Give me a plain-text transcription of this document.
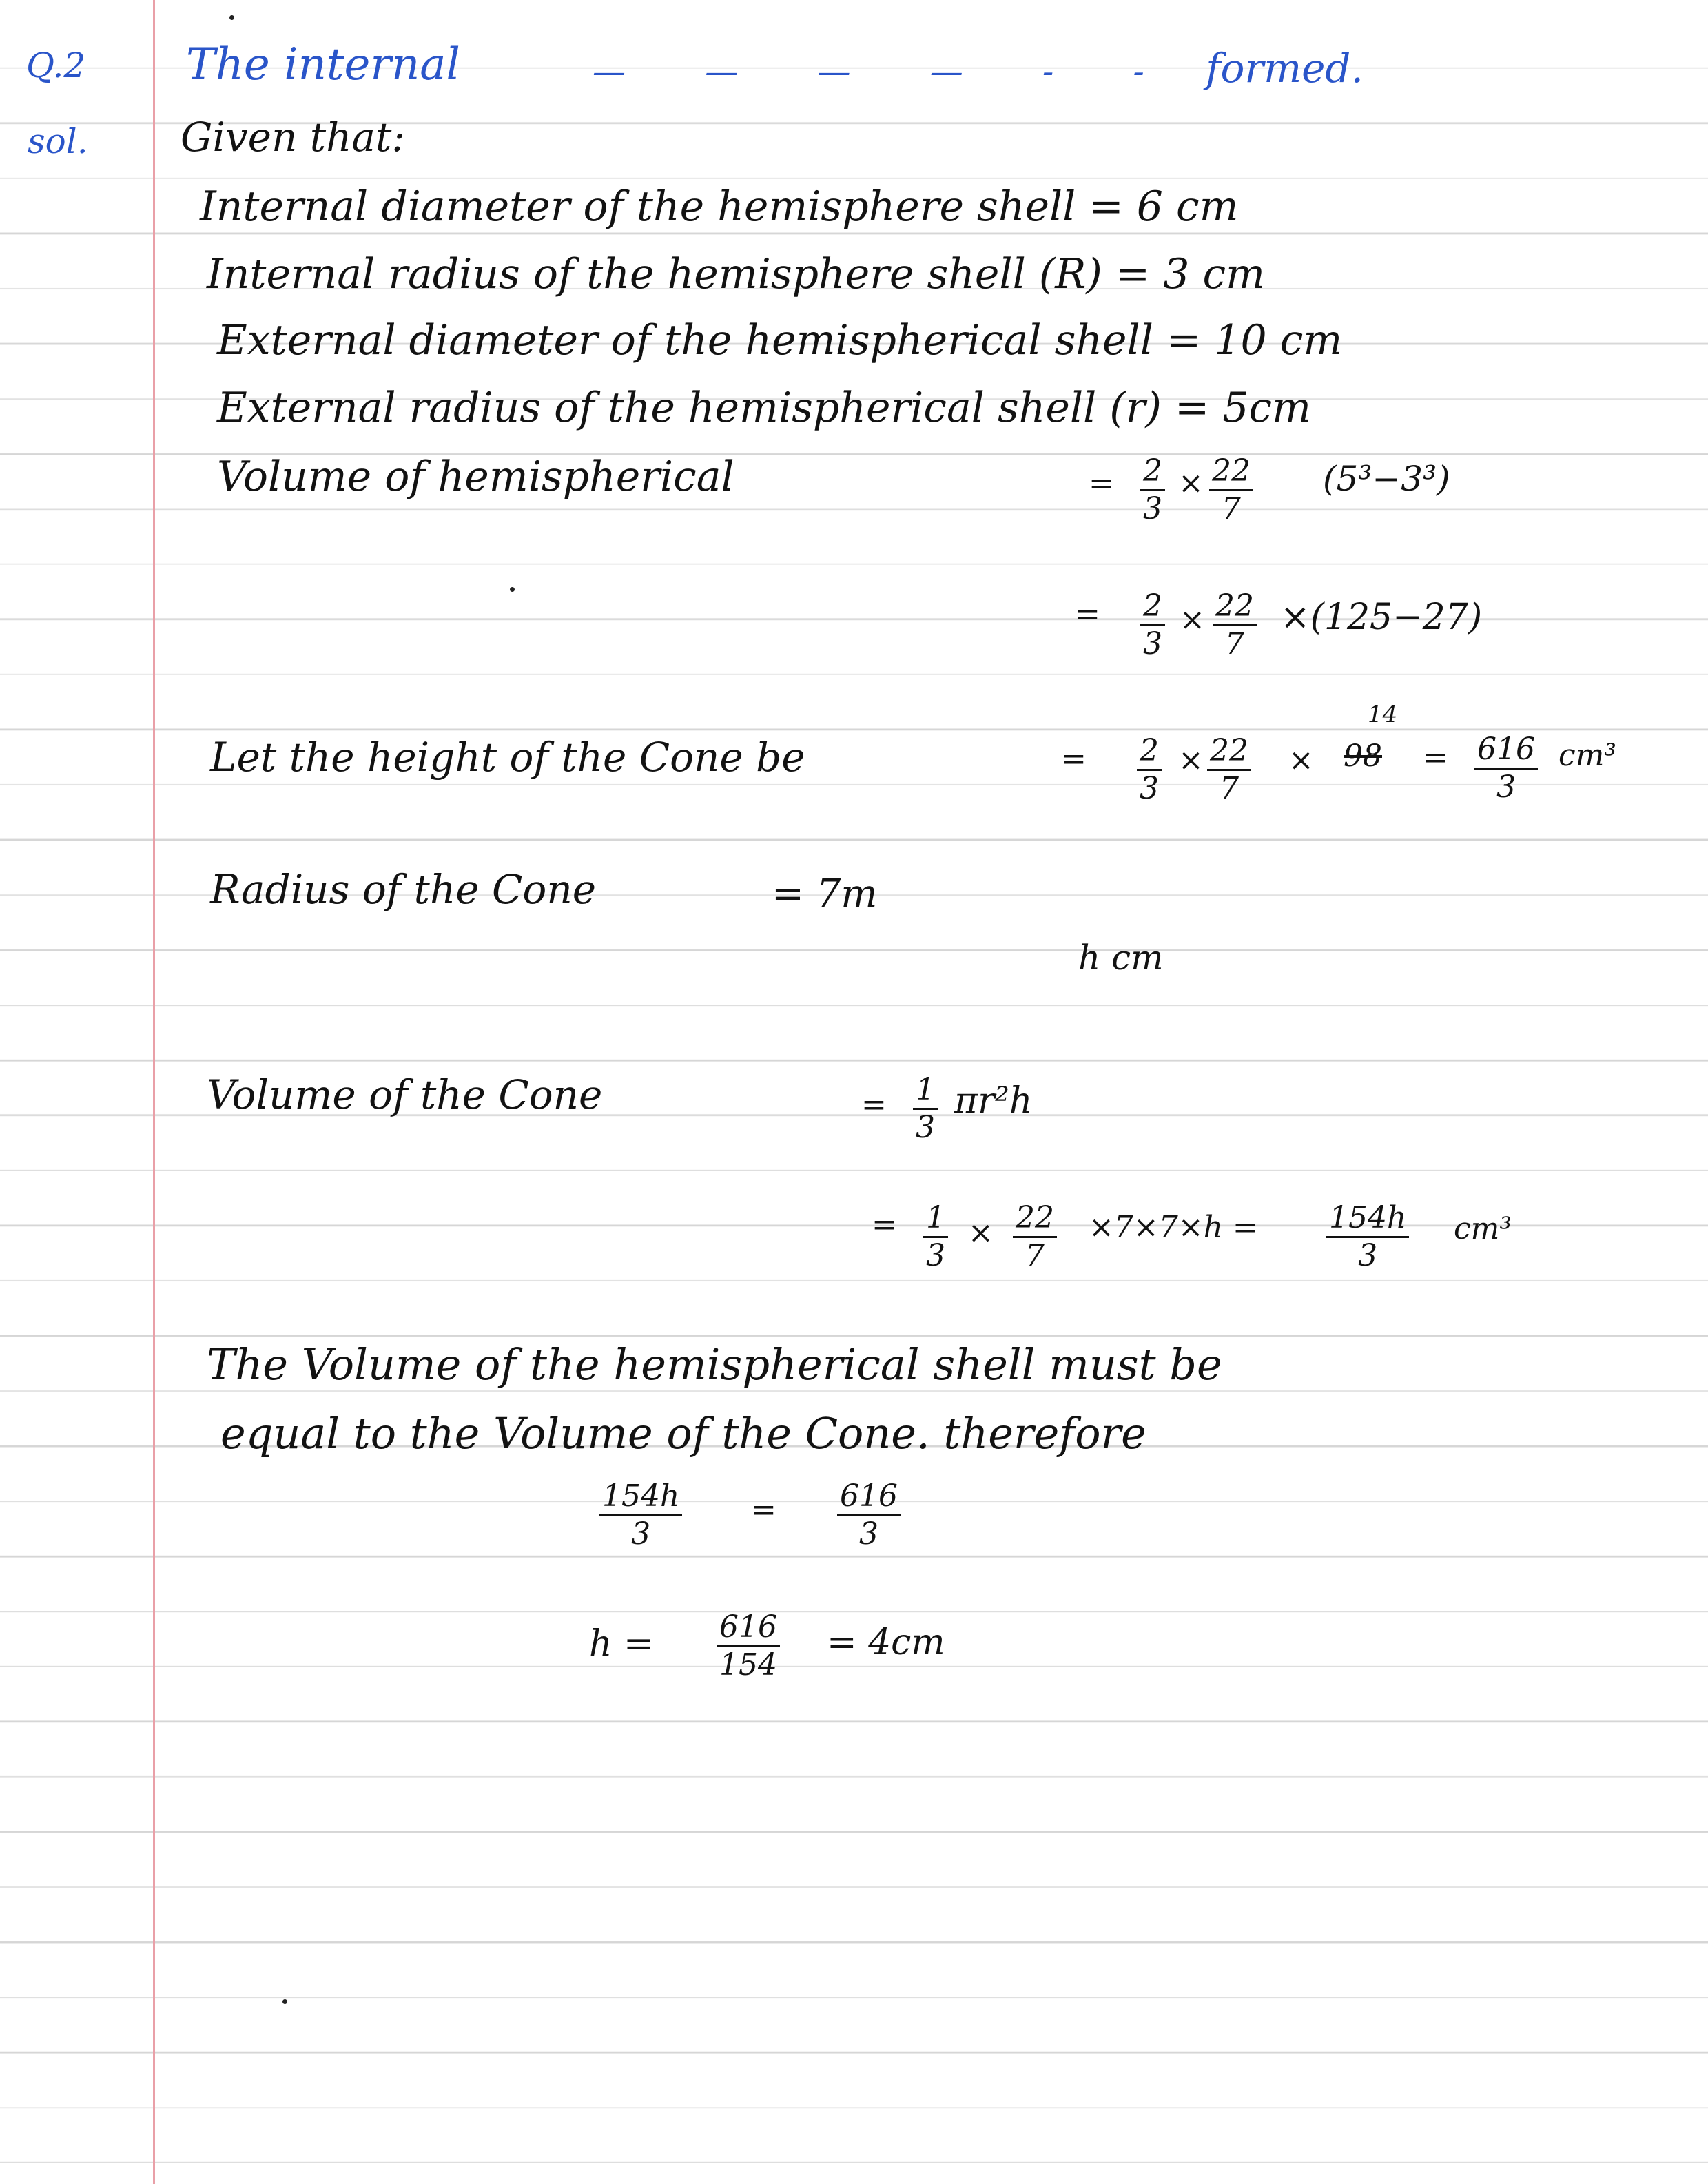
Q.2 The internal	— — — — - - formed.
sol. Given that:
Internal diameter of the hemisphere shell = 6 cm
Internal radius of the hemisphere shell (R) = 3 cm
External diameter of the hemispherical shell = 10 cm
External radius of the hemispherical shell (r) = 5cm
Volume of hemispherical	= $\frac{2}{3} \times \frac{22}{7} (5^3-3^3)$
= $\frac{2}{3} \times \frac{22}{7} \times(125-27)$
Let the height of the Cone be	= $\frac{2}{3} \times \frac{22}{7}$ ×
14
$98 = \frac{616}{3} cm^3$
Radius of the Cone	= 7m
h cm
Volume of the Cone	= $\frac{1}{3} \pi r^2h$
= $\frac{1}{3} \times \frac{22}{7} \times 7\times 7\times h = \frac{154h}{3} cm^3$
The Volume of the hemispherical shell must be
equal to the Volume of the Cone. therefore
$\frac{154h}{3} = \frac{616}{3}$
$h = \frac{616}{154} = 4cm$
